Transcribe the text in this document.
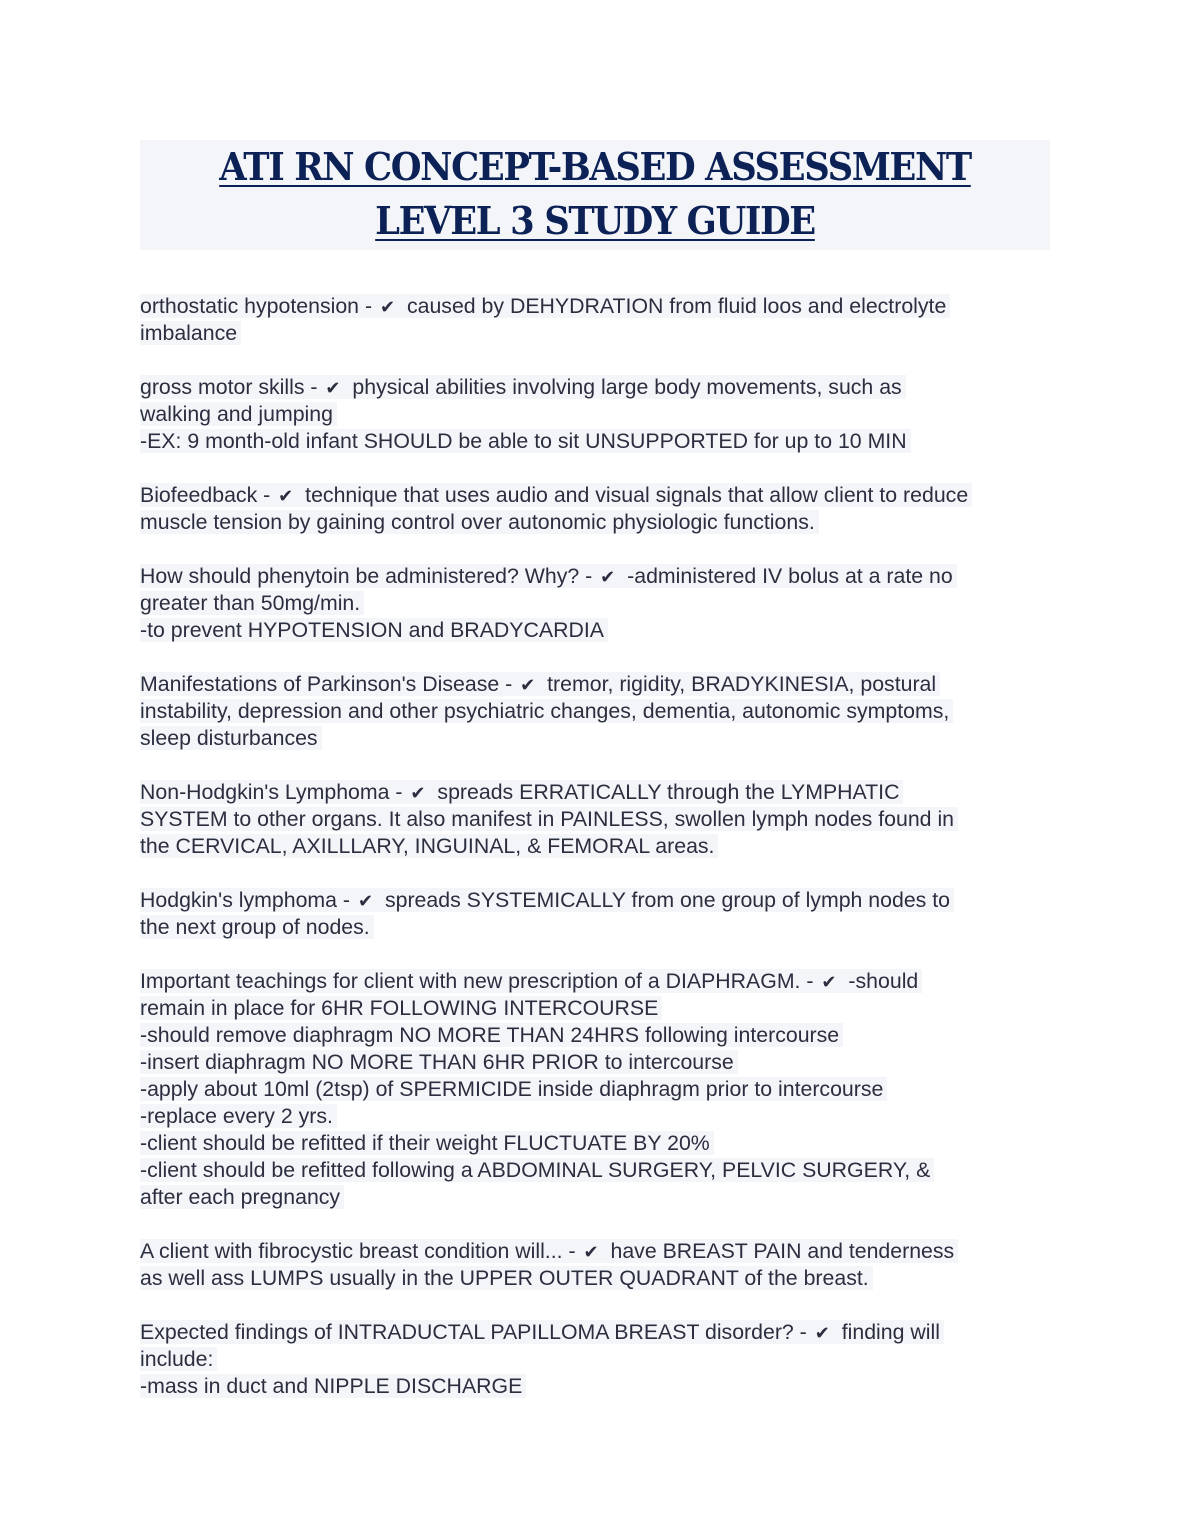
ATI RN CONCEPT-BASED ASSESSMENT
LEVEL 3 STUDY GUIDE
orthostatic hypotension - ✔ caused by DEHYDRATION from fluid loos and electrolyte
imbalance
gross motor skills - ✔ physical abilities involving large body movements, such as
walking and jumping
-EX: 9 month-old infant SHOULD be able to sit UNSUPPORTED for up to 10 MIN
Biofeedback - ✔ technique that uses audio and visual signals that allow client to reduce
muscle tension by gaining control over autonomic physiologic functions.
How should phenytoin be administered? Why? - ✔ -administered IV bolus at a rate no
greater than 50mg/min.
-to prevent HYPOTENSION and BRADYCARDIA
Manifestations of Parkinson's Disease - ✔ tremor, rigidity, BRADYKINESIA, postural
instability, depression and other psychiatric changes, dementia, autonomic symptoms,
sleep disturbances
Non-Hodgkin's Lymphoma - ✔ spreads ERRATICALLY through the LYMPHATIC
SYSTEM to other organs. It also manifest in PAINLESS, swollen lymph nodes found in
the CERVICAL, AXILLLARY, INGUINAL, & FEMORAL areas.
Hodgkin's lymphoma - ✔ spreads SYSTEMICALLY from one group of lymph nodes to
the next group of nodes.
Important teachings for client with new prescription of a DIAPHRAGM. - ✔ -should
remain in place for 6HR FOLLOWING INTERCOURSE
-should remove diaphragm NO MORE THAN 24HRS following intercourse
-insert diaphragm NO MORE THAN 6HR PRIOR to intercourse
-apply about 10ml (2tsp) of SPERMICIDE inside diaphragm prior to intercourse
-replace every 2 yrs.
-client should be refitted if their weight FLUCTUATE BY 20%
-client should be refitted following a ABDOMINAL SURGERY, PELVIC SURGERY, &
after each pregnancy
A client with fibrocystic breast condition will... - ✔ have BREAST PAIN and tenderness
as well ass LUMPS usually in the UPPER OUTER QUADRANT of the breast.
Expected findings of INTRADUCTAL PAPILLOMA BREAST disorder? - ✔ finding will
include:
-mass in duct and NIPPLE DISCHARGE
